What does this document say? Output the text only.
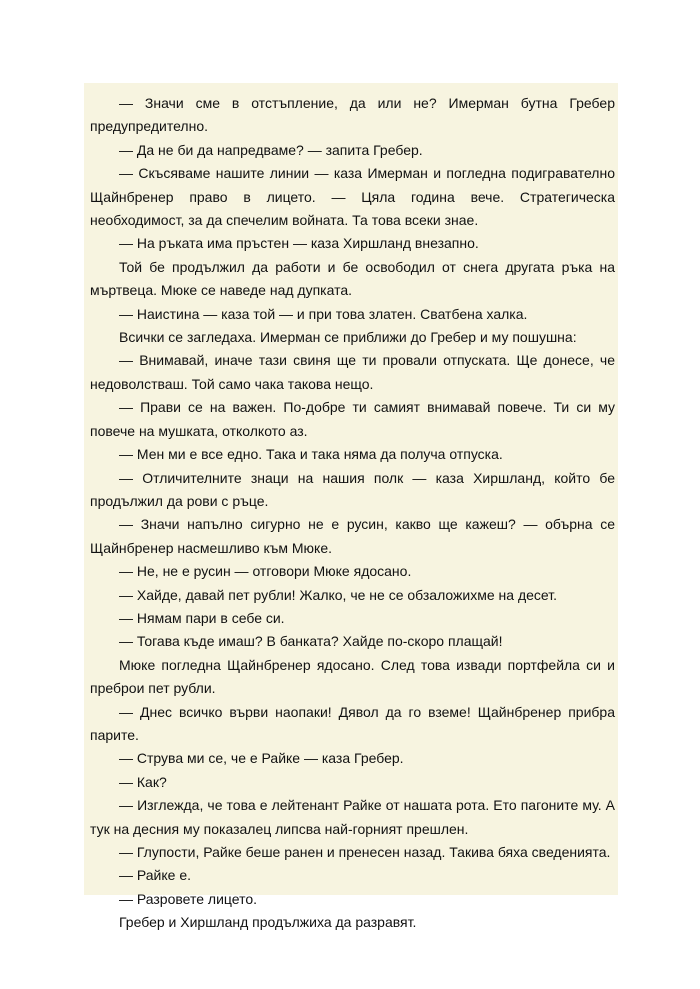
— Значи сме в отстъпление, да или не? Имерман бутна Гребер предупредително.

— Да не би да напредваме? — запита Гребер.

— Скъсяваме нашите линии — каза Имерман и погледна подигравателно Щайнбренер право в лицето. — Цяла година вече. Стратегическа необходимост, за да спечелим войната. Та това всеки знае.

— На ръката има пръстен — каза Хиршланд внезапно.

Той бе продължил да работи и бе освободил от снега другата ръка на мъртвеца. Мюке се наведе над дупката.

— Наистина — каза той — и при това златен. Сватбена халка.

Всички се загледаха. Имерман се приближи до Гребер и му пошушна:

— Внимавай, иначе тази свиня ще ти провали отпуската. Ще донесе, че недоволстваш. Той само чака такова нещо.

— Прави се на важен. По-добре ти самият внимавай повече. Ти си му повече на мушката, отколкото аз.

— Мен ми е все едно. Така и така няма да получа отпуска.

— Отличителните знаци на нашия полк — каза Хиршланд, който бе продължил да рови с ръце.

— Значи напълно сигурно не е русин, какво ще кажеш? — обърна се Щайнбренер насмешливо към Мюке.

— Не, не е русин — отговори Мюке ядосано.

— Хайде, давай пет рубли! Жалко, че не се обзаложихме на десет.

— Нямам пари в себе си.

— Тогава къде имаш? В банката? Хайде по-скоро плащай!

Мюке погледна Щайнбренер ядосано. След това извади портфейла си и преброи пет рубли.

— Днес всичко върви наопаки! Дявол да го вземе! Щайнбренер прибра парите.

— Струва ми се, че е Райке — каза Гребер.

— Как?

— Изглежда, че това е лейтенант Райке от нашата рота. Ето пагоните му. А тук на десния му показалец липсва най-горният прешлен.

— Глупости, Райке беше ранен и пренесен назад. Такива бяха сведенията.

— Райке е.

— Разровете лицето.

Гребер и Хиршланд продължиха да разравят.
